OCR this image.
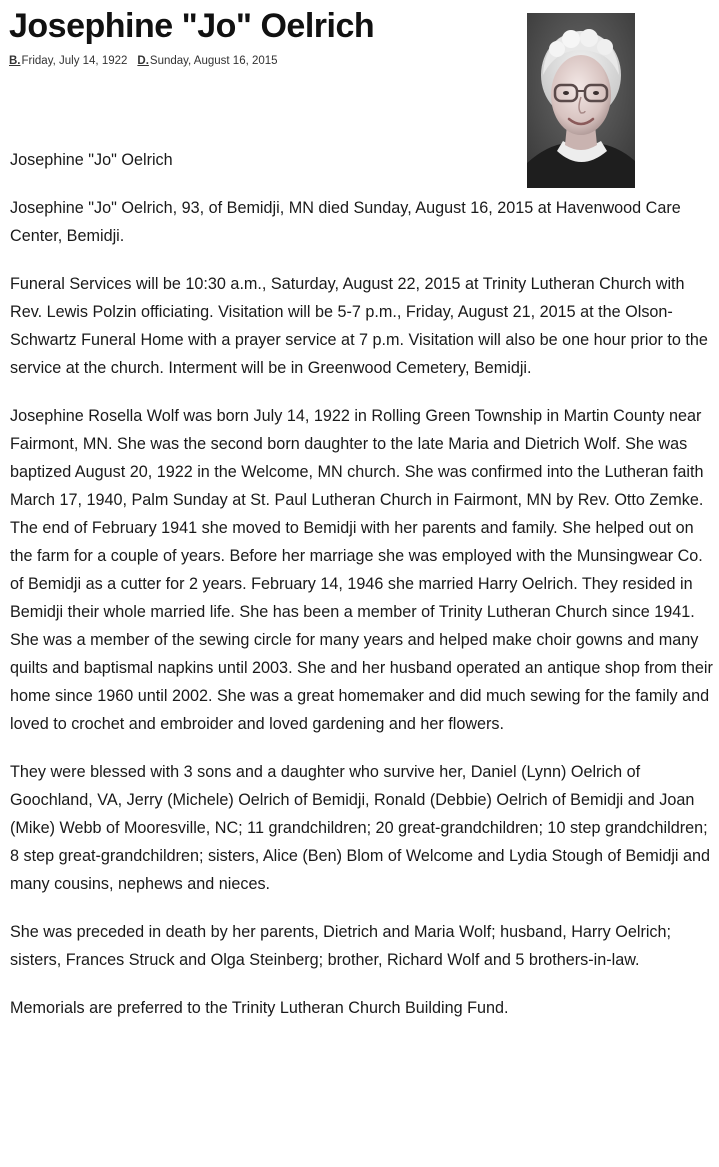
Josephine "Jo" Oelrich
B.Friday, July 14, 1922 D.Sunday, August 16, 2015

Josephine "Jo" Oelrich

Josephine "Jo" Oelrich, 93, of Bemidji, MN died Sunday, August 16, 2015 at Havenwood Care Center, Bemidji.

Funeral Services will be 10:30 a.m., Saturday, August 22, 2015 at Trinity Lutheran Church with Rev. Lewis Polzin officiating. Visitation will be 5-7 p.m., Friday, August 21, 2015 at the Olson-Schwartz Funeral Home with a prayer service at 7 p.m. Visitation will also be one hour prior to the service at the church. Interment will be in Greenwood Cemetery, Bemidji.

Josephine Rosella Wolf was born July 14, 1922 in Rolling Green Township in Martin County near Fairmont, MN. She was the second born daughter to the late Maria and Dietrich Wolf. She was baptized August 20, 1922 in the Welcome, MN church. She was confirmed into the Lutheran faith March 17, 1940, Palm Sunday at St. Paul Lutheran Church in Fairmont, MN by Rev. Otto Zemke. The end of February 1941 she moved to Bemidji with her parents and family. She helped out on the farm for a couple of years. Before her marriage she was employed with the Munsingwear Co. of Bemidji as a cutter for 2 years. February 14, 1946 she married Harry Oelrich. They resided in Bemidji their whole married life. She has been a member of Trinity Lutheran Church since 1941. She was a member of the sewing circle for many years and helped make choir gowns and many quilts and baptismal napkins until 2003. She and her husband operated an antique shop from their home since 1960 until 2002. She was a great homemaker and did much sewing for the family and loved to crochet and embroider and loved gardening and her flowers.

They were blessed with 3 sons and a daughter who survive her, Daniel (Lynn) Oelrich of Goochland, VA, Jerry (Michele) Oelrich of Bemidji, Ronald (Debbie) Oelrich of Bemidji and Joan (Mike) Webb of Mooresville, NC; 11 grandchildren; 20 great-grandchildren; 10 step grandchildren; 8 step great-grandchildren; sisters, Alice (Ben) Blom of Welcome and Lydia Stough of Bemidji and many cousins, nephews and nieces.

She was preceded in death by her parents, Dietrich and Maria Wolf; husband, Harry Oelrich; sisters, Frances Struck and Olga Steinberg; brother, Richard Wolf and 5 brothers-in-law.

Memorials are preferred to the Trinity Lutheran Church Building Fund.
